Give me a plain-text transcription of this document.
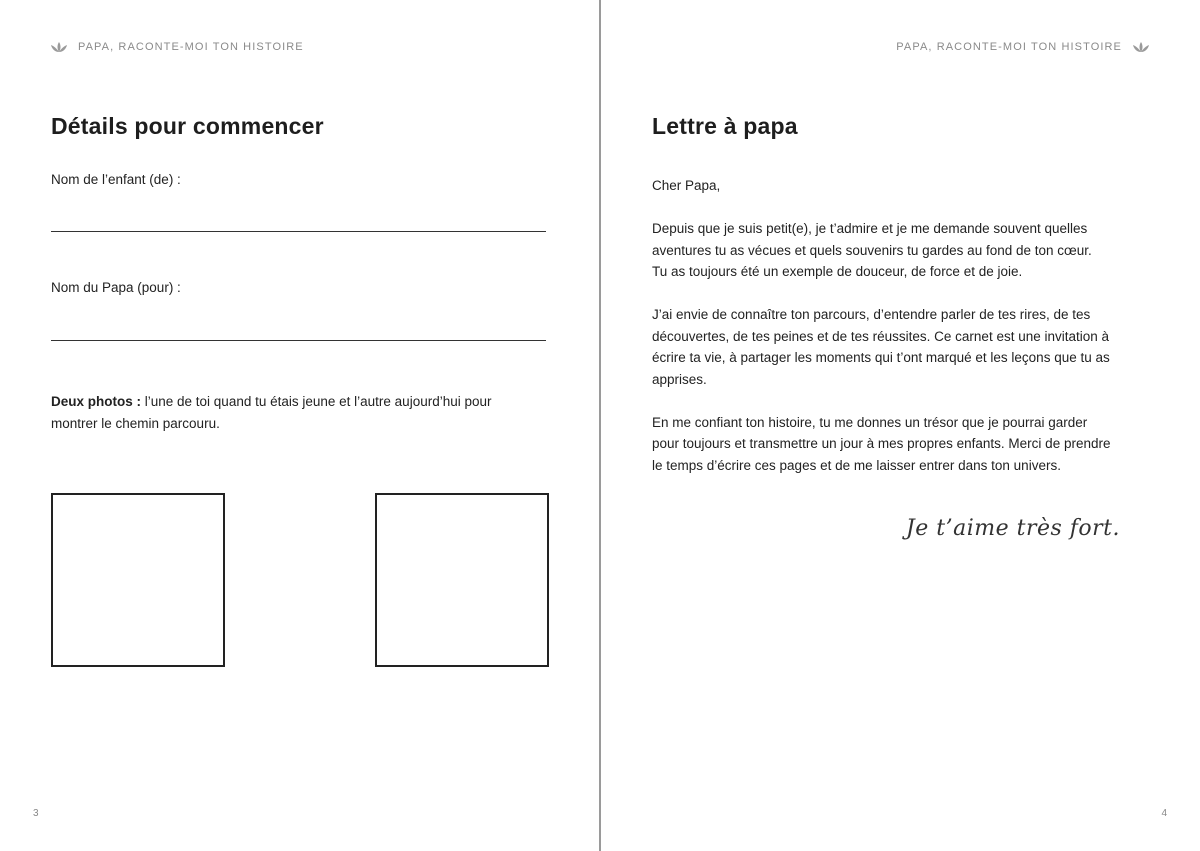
PAPA, RACONTE-MOI TON HISTOIRE
Détails pour commencer
Nom de l’enfant (de) :
Nom du Papa (pour) :
Deux photos : l’une de toi quand tu étais jeune et l’autre aujourd’hui pour montrer le chemin parcouru.
3
PAPA, RACONTE-MOI TON HISTOIRE
Lettre à papa

Cher Papa,

Depuis que je suis petit(e), je t’admire et je me demande souvent quelles
aventures tu as vécues et quels souvenirs tu gardes au fond de ton cœur.
Tu as toujours été un exemple de douceur, de force et de joie.

J’ai envie de connaître ton parcours, d’entendre parler de tes rires, de tes
découvertes, de tes peines et de tes réussites. Ce carnet est une invitation à
écrire ta vie, à partager les moments qui t’ont marqué et les leçons que tu as
apprises.

En me confiant ton histoire, tu me donnes un trésor que je pourrai garder
pour toujours et transmettre un jour à mes propres enfants. Merci de prendre
le temps d’écrire ces pages et de me laisser entrer dans ton univers.

Je t’aime très fort.
4
